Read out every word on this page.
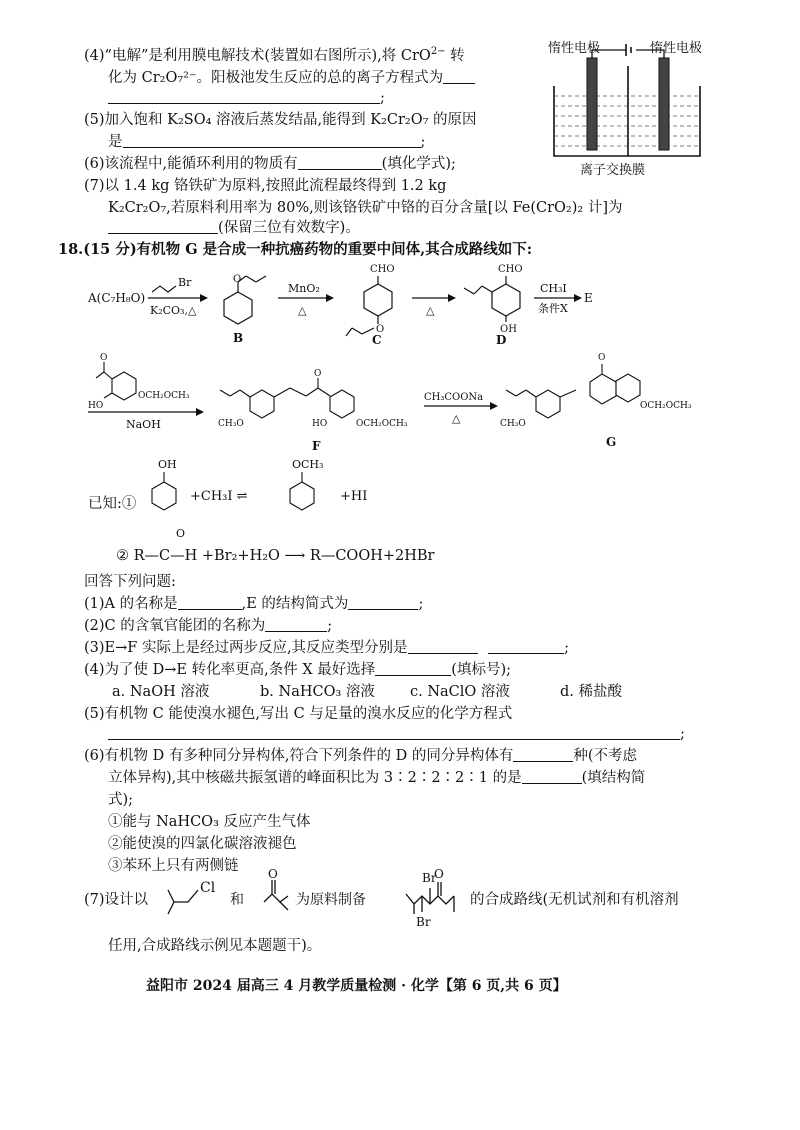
(4)“电解”是利用膜电解技术(装置如右图所示),将 CrO$^{2-}$ 转
化为 Cr₂O₇²⁻。阳极池发生反应的总的离子方程式为
;
(5)加入饱和 K₂SO₄ 溶液后蒸发结晶,能得到 K₂Cr₂O₇ 的原因
是	;
(6)该流程中,能循环利用的物质有	(填化学式);
(7)以 1.4 kg 铬铁矿为原料,按照此流程最终得到 1.2 kg
K₂Cr₂O₇,若原料利用率为 80%,则该铬铁矿中铬的百分含量[以 Fe(CrO₂)₂ 计]为
(保留三位有效数字)。
惰性电极	惰性电极
离子交换膜
18.(15 分)有机物 G 是合成一种抗癌药物的重要中间体,其合成路线如下:
A(C₇H₈O)
Br
K₂CO₃,△
O
B
MnO₂
△
CHO
O
C
△
CHO
OH
D
CH₃I
条件X
E
O
HO
OCH₂OCH₃
NaOH
O
CH₃O	HO	OCH₂OCH₃
F
CH₃COONa
△
O
CH₃O
OCH₂OCH₃
G
已知:①
OH	OCH₃
+CH₃I ⇌	+HI
O
② R—C—H +Br₂+H₂O ⟶ R—COOH+2HBr
回答下列问题:
(1)A 的名称是	,E 的结构简式为	;
(2)C 的含氧官能团的名称为	;
(3)E→F 实际上是经过两步反应,其反应类型分别是	;
(4)为了使 D→E 转化率更高,条件 X 最好选择	(填标号);
a. NaOH 溶液	b. NaHCO₃ 溶液 c. NaClO 溶液	d. 稀盐酸
(5)有机物 C 能使溴水褪色,写出 C 与足量的溴水反应的化学方程式
;
(6)有机物 D 有多种同分异构体,符合下列条件的 D 的同分异构体有	种(不考虑
立体异构),其中核磁共振氢谱的峰面积比为 3∶2∶2∶2∶1 的是	(填结构简
式);
①能与 NaHCO₃ 反应产生气体
②能使溴的四氯化碳溶液褪色
③苯环上只有两侧链
(7)设计以
Cl
和
O
为原料制备
Br
O
Br
的合成路线(无机试剂和有机溶剂
任用,合成路线示例见本题题干)。
益阳市 2024 届高三 4 月教学质量检测 · 化学【第 6 页,共 6 页】
